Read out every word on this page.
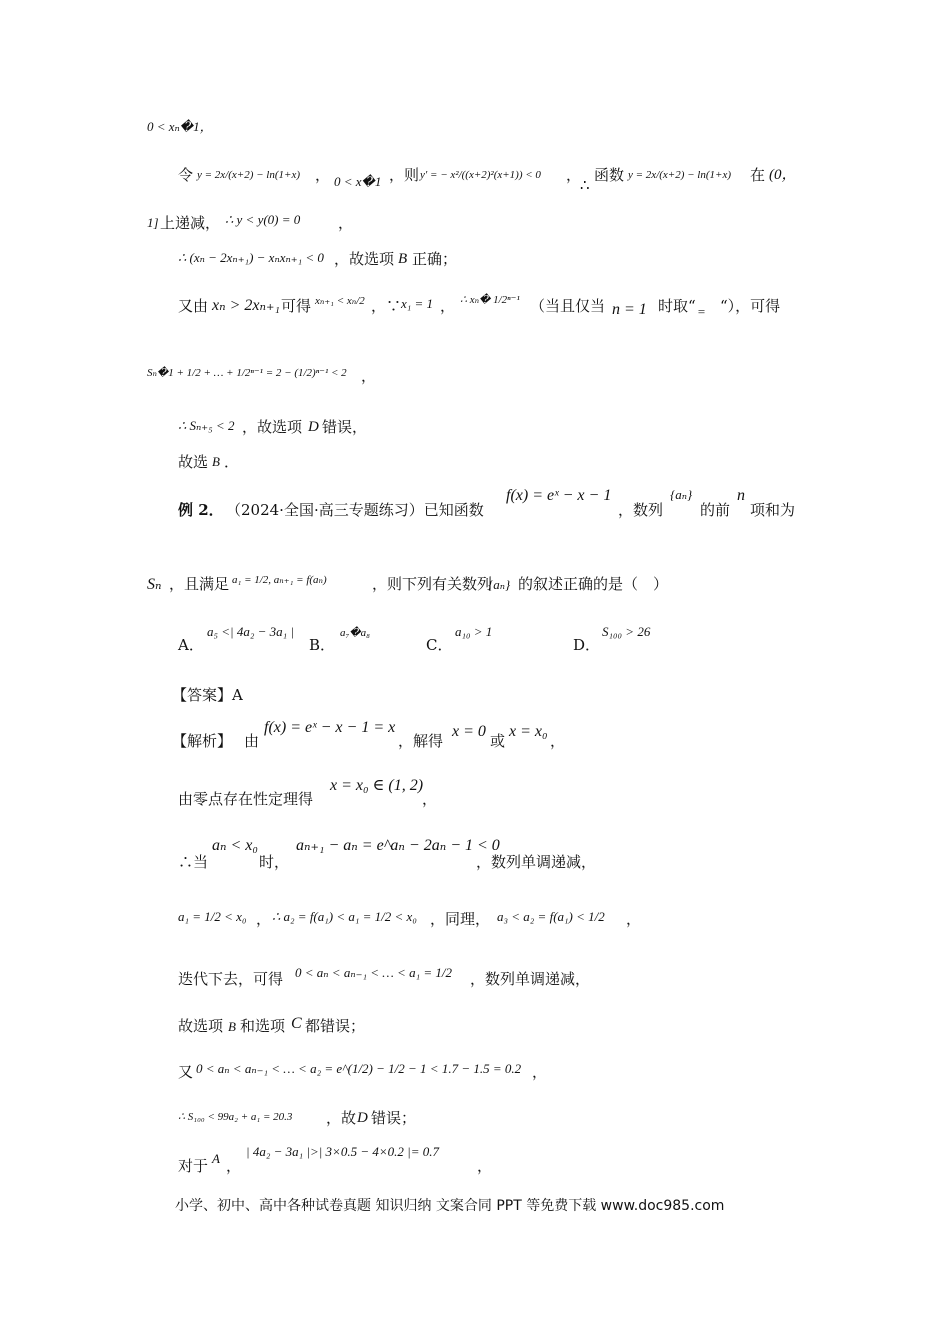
0 < xₙ�1，
令 y = 2x/(x+2) − ln(1+x) ， 0 < x�1 ，则 y′ = − x²/((x+2)²(x+1)) < 0 ，
∴
函数 y = 2x/(x+2) − ln(1+x) 在 (0，
1] 上递减， ∴ y < y(0) = 0	，
∴ (xₙ − 2xₙ₊₁) − xₙxₙ₊₁ < 0 ，故选项 B 正确；
又由 xₙ > 2xₙ₊₁ 可得 xₙ₊₁ < xₙ/2 ，∵ x₁ = 1 ， ∴ xₙ� 1/2ⁿ⁻¹ （当且仅当 n = 1 时取“ = “），可得
Sₙ�1 + 1/2 + … + 1/2ⁿ⁻¹ = 2 − (1/2)ⁿ⁻¹ < 2 ，
∴ Sₙ₊₅ < 2 ，故选项 D 错误，
故选 B ．
例 2． （2024·全国·高三专题练习）已知函数
f(x) = eˣ − x − 1
，数列
{aₙ}
的前
n
项和为
Sₙ ，且满足 a₁ = 1/2, aₙ₊₁ = f(aₙ)	，则下列有关数列
{aₙ} 的叙述正确的是（　）
A．
a₅ <| 4a₂ − 3a₁ |
B．
a₇�a₈
C．
a₁₀ > 1
D．
S₁₀₀ > 26
【答案】A
【解析】 由
f(x) = eˣ − x − 1 = x
，解得
x = 0
或
x = x₀
，
由零点存在性定理得
x = x₀ ∈ (1, 2)
，
∴当
aₙ < x₀
时，
aₙ₊₁ − aₙ = e^aₙ − 2aₙ − 1 < 0
，数列单调递减，
a₁ = 1/2 < x₀ ， ∴ a₂ = f(a₁) < a₁ = 1/2 < x₀ ，同理， a₃ < a₂ = f(a₁) < 1/2 ，
迭代下去，可得 0 < aₙ < aₙ₋₁ < … < a₁ = 1/2 ，数列单调递减，
故选项 B 和选项 C 都错误；
又 0 < aₙ < aₙ₋₁ < … < a₂ = e^(1/2) − 1/2 − 1 < 1.7 − 1.5 = 0.2 ，
∴ S₁₀₀ < 99a₂ + a₁ = 20.3 ，故 D 错误；
对于 A ，
| 4a₂ − 3a₁ |>| 3×0.5 − 4×0.2 |= 0.7
，
小学、初中、高中各种试卷真题 知识归纳 文案合同 PPT 等免费下载 www.doc985.com
